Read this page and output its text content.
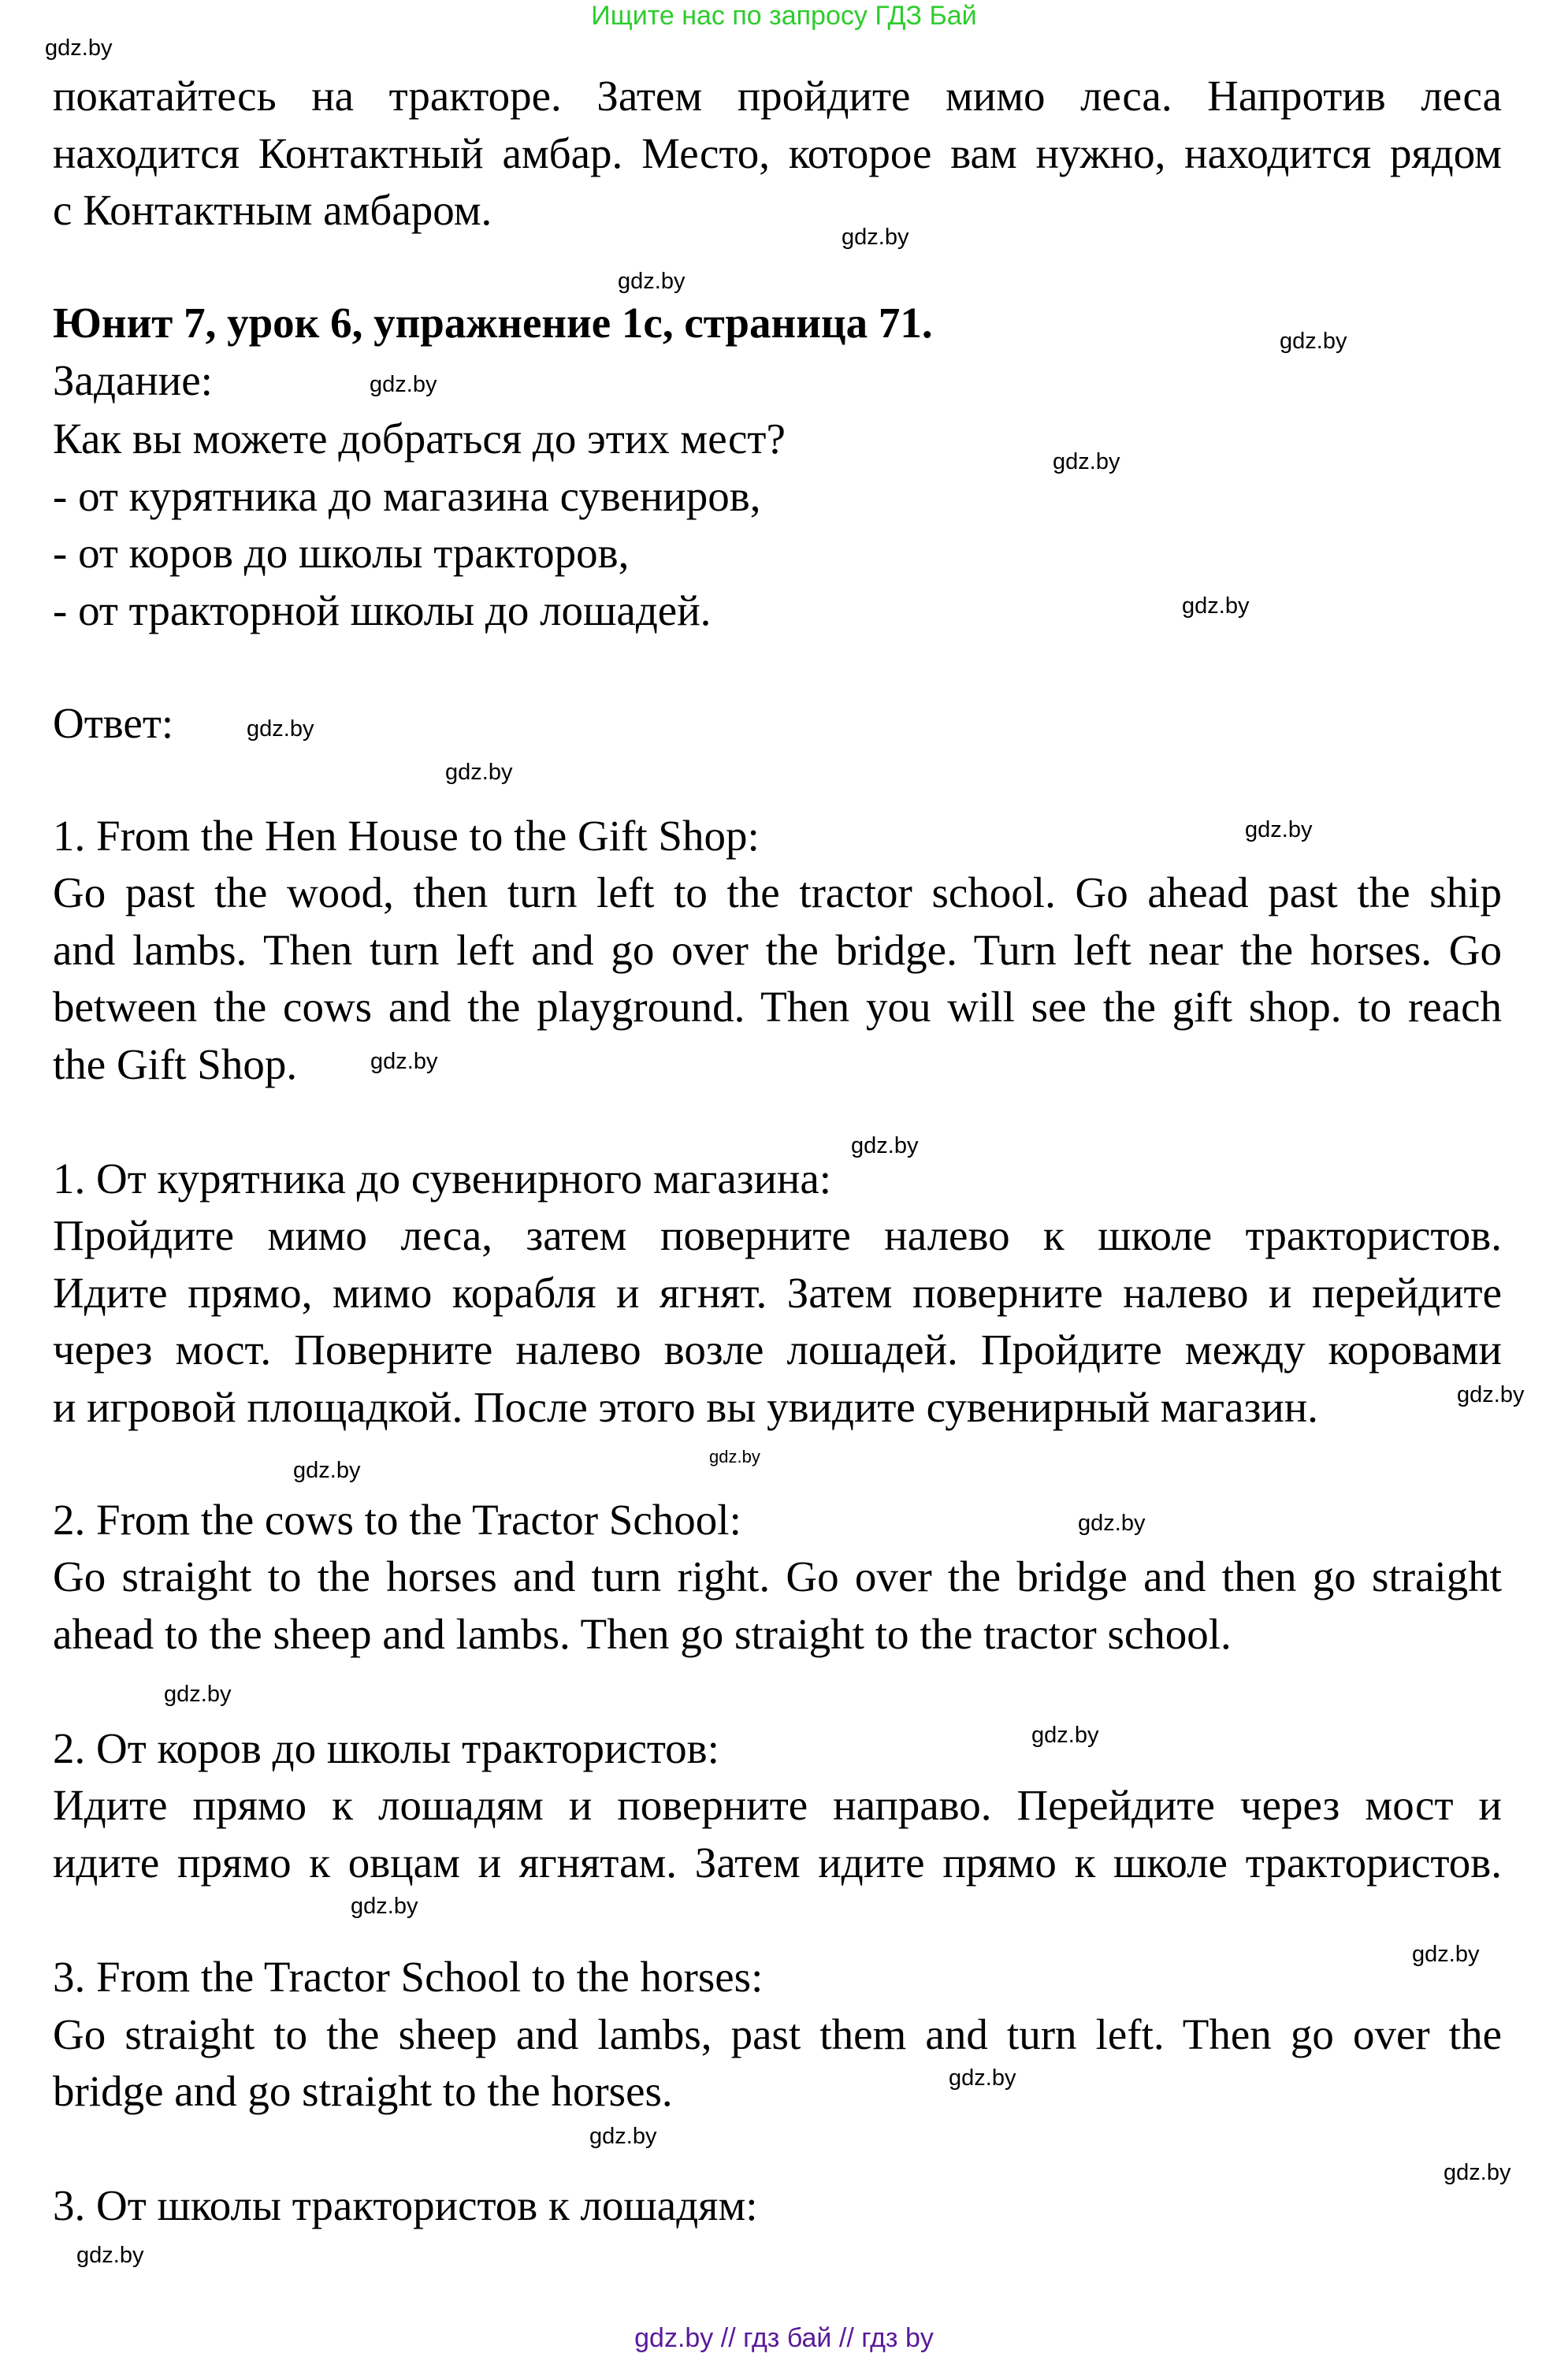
Ищите нас по запросу ГДЗ Бай
покатайтесь на тракторе. Затем пройдите мимо леса. Напротив леса
находится Контактный амбар. Место, которое вам нужно, находится рядом
с Контактным амбаром.
Юнит 7, урок 6, упражнение 1с, страница 71.
Задание:
Как вы можете добраться до этих мест?
- от курятника до магазина сувениров,
- от коров до школы тракторов,
- от тракторной школы до лошадей.
Ответ:
1. From the Hen House to the Gift Shop:
Go past the wood, then turn left to the tractor school. Go ahead past the ship
and lambs. Then turn left and go over the bridge. Turn left near the horses. Go
between the cows and the playground. Then you will see the gift shop. to reach
the Gift Shop.
1. От курятника до сувенирного магазина:
Пройдите мимо леса, затем поверните налево к школе трактористов.
Идите прямо, мимо корабля и ягнят. Затем поверните налево и перейдите
через мост. Поверните налево возле лошадей. Пройдите между коровами
и игровой площадкой. После этого вы увидите сувенирный магазин.
2. From the cows to the Tractor School:
Go straight to the horses and turn right. Go over the bridge and then go straight
ahead to the sheep and lambs. Then go straight to the tractor school.
2. От коров до школы трактористов:
Идите прямо к лошадям и поверните направо. Перейдите через мост и
идите прямо к овцам и ягнятам. Затем идите прямо к школе трактористов.
3. From the Tractor School to the horses:
Go straight to the sheep and lambs, past them and turn left. Then go over the
bridge and go straight to the horses.
3. От школы трактористов к лошадям:
gdz.by
gdz.by
gdz.by
gdz.by
gdz.by
gdz.by
gdz.by
gdz.by
gdz.by
gdz.by
gdz.by
gdz.by
gdz.by
gdz.by
gdz.by
gdz.by
gdz.by
gdz.by
gdz.by
gdz.by
gdz.by
gdz.by
gdz.by
gdz.by
gdz.by // гдз бай // гдз by
